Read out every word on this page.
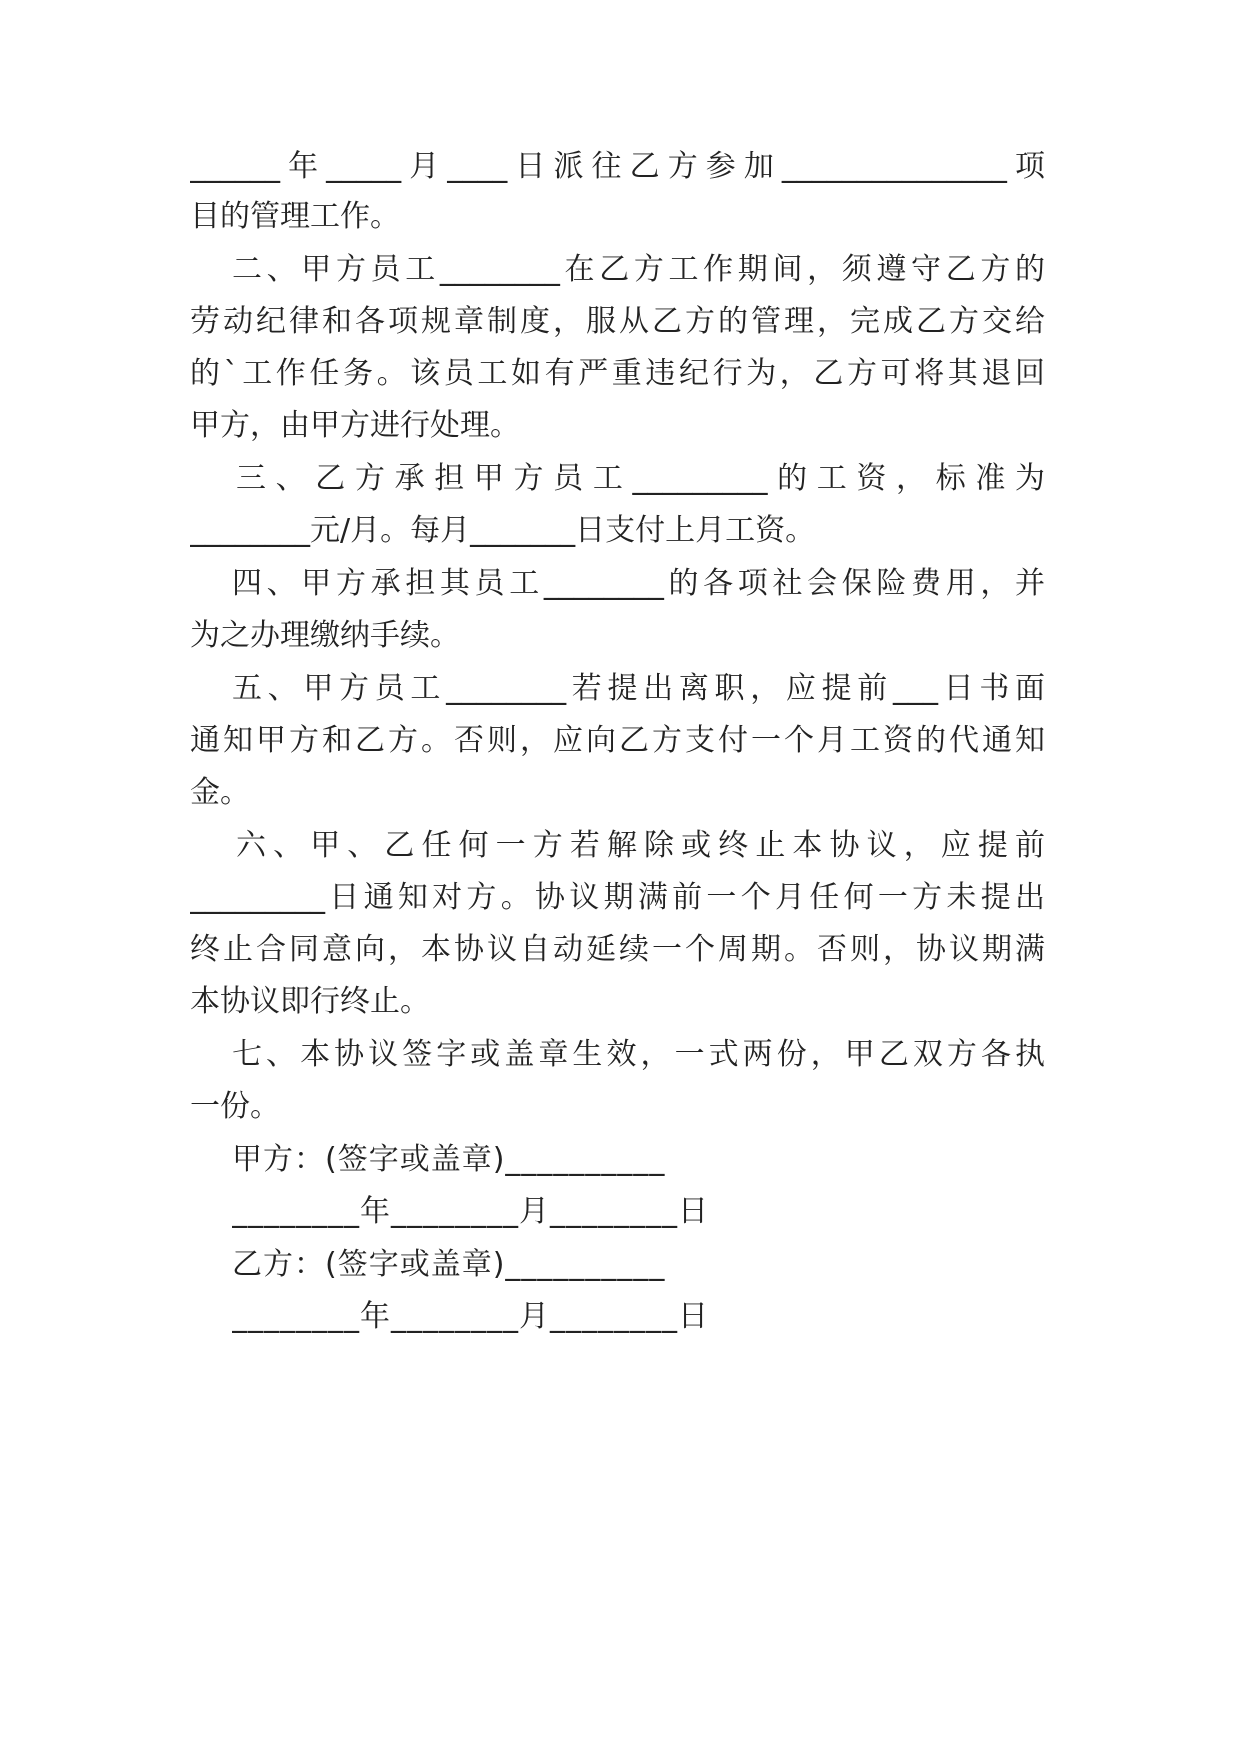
______年_____月____日派往乙方参加_______________项
目的管理工作。
二、甲方员工________在乙方工作期间，须遵守乙方的
劳动纪律和各项规章制度，服从乙方的管理，完成乙方交给
的`工作任务。该员工如有严重违纪行为，乙方可将其退回
甲方，由甲方进行处理。
三、乙方承担甲方员工_________的工资，标准为
________元/月。每月_______日支付上月工资。
四、甲方承担其员工________的各项社会保险费用，并
为之办理缴纳手续。
五、甲方员工________若提出离职，应提前___日书面
通知甲方和乙方。否则，应向乙方支付一个月工资的代通知
金。
六、甲、乙任何一方若解除或终止本协议，应提前
_________日通知对方。协议期满前一个月任何一方未提出
终止合同意向，本协议自动延续一个周期。否则，协议期满
本协议即行终止。
七、本协议签字或盖章生效，一式两份，甲乙双方各执
一份。
甲方：(签字或盖章)__________
________年________月________日
乙方：(签字或盖章)__________
________年________月________日
